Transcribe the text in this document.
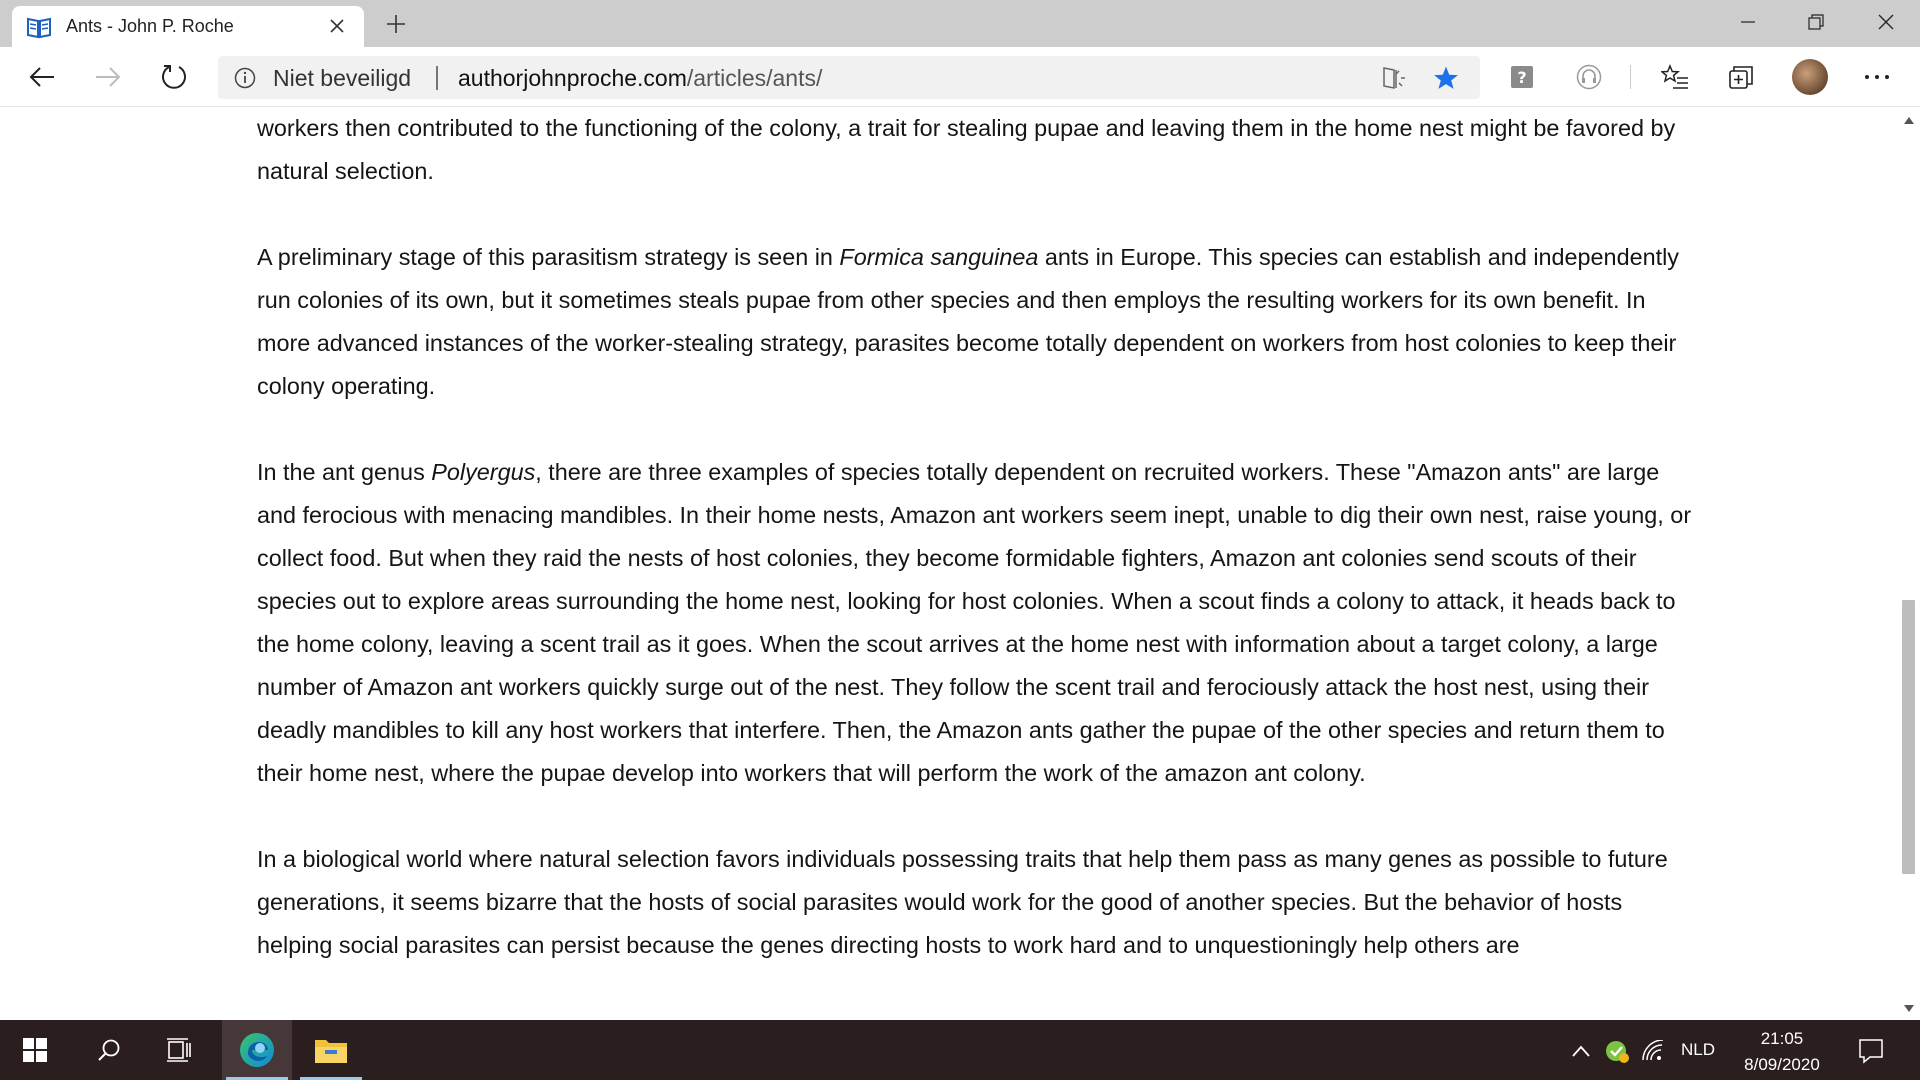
Ants - John P. Roche
Niet beveiligd authorjohnproche.com/articles/ants/	?

workers then contributed to the functioning of the colony, a trait for stealing pupae and leaving them in the home nest might be favored by natural selection.

A preliminary stage of this parasitism strategy is seen in Formica sanguinea ants in Europe. This species can establish and independently run colonies of its own, but it sometimes steals pupae from other species and then employs the resulting workers for its own benefit. In more advanced instances of the worker-stealing strategy, parasites become totally dependent on workers from host colonies to keep their colony operating.

In the ant genus Polyergus, there are three examples of species totally dependent on recruited workers. These "Amazon ants" are large and ferocious with menacing mandibles. In their home nests, Amazon ant workers seem inept, unable to dig their own nest, raise young, or collect food. But when they raid the nests of host colonies, they become formidable fighters, Amazon ant colonies send scouts of their species out to explore areas surrounding the home nest, looking for host colonies. When a scout finds a colony to attack, it heads back to the home colony, leaving a scent trail as it goes. When the scout arrives at the home nest with information about a target colony, a large number of Amazon ant workers quickly surge out of the nest. They follow the scent trail and ferociously attack the host nest, using their deadly mandibles to kill any host workers that interfere. Then, the Amazon ants gather the pupae of the other species and return them to their home nest, where the pupae develop into workers that will perform the work of the amazon ant colony.

In a biological world where natural selection favors individuals possessing traits that help them pass as many genes as possible to future generations, it seems bizarre that the hosts of social parasites would work for the good of another species. But the behavior of hosts helping social parasites can persist because the genes directing hosts to work hard and to unquestioningly help others are

NLD
21:05
8/09/2020
